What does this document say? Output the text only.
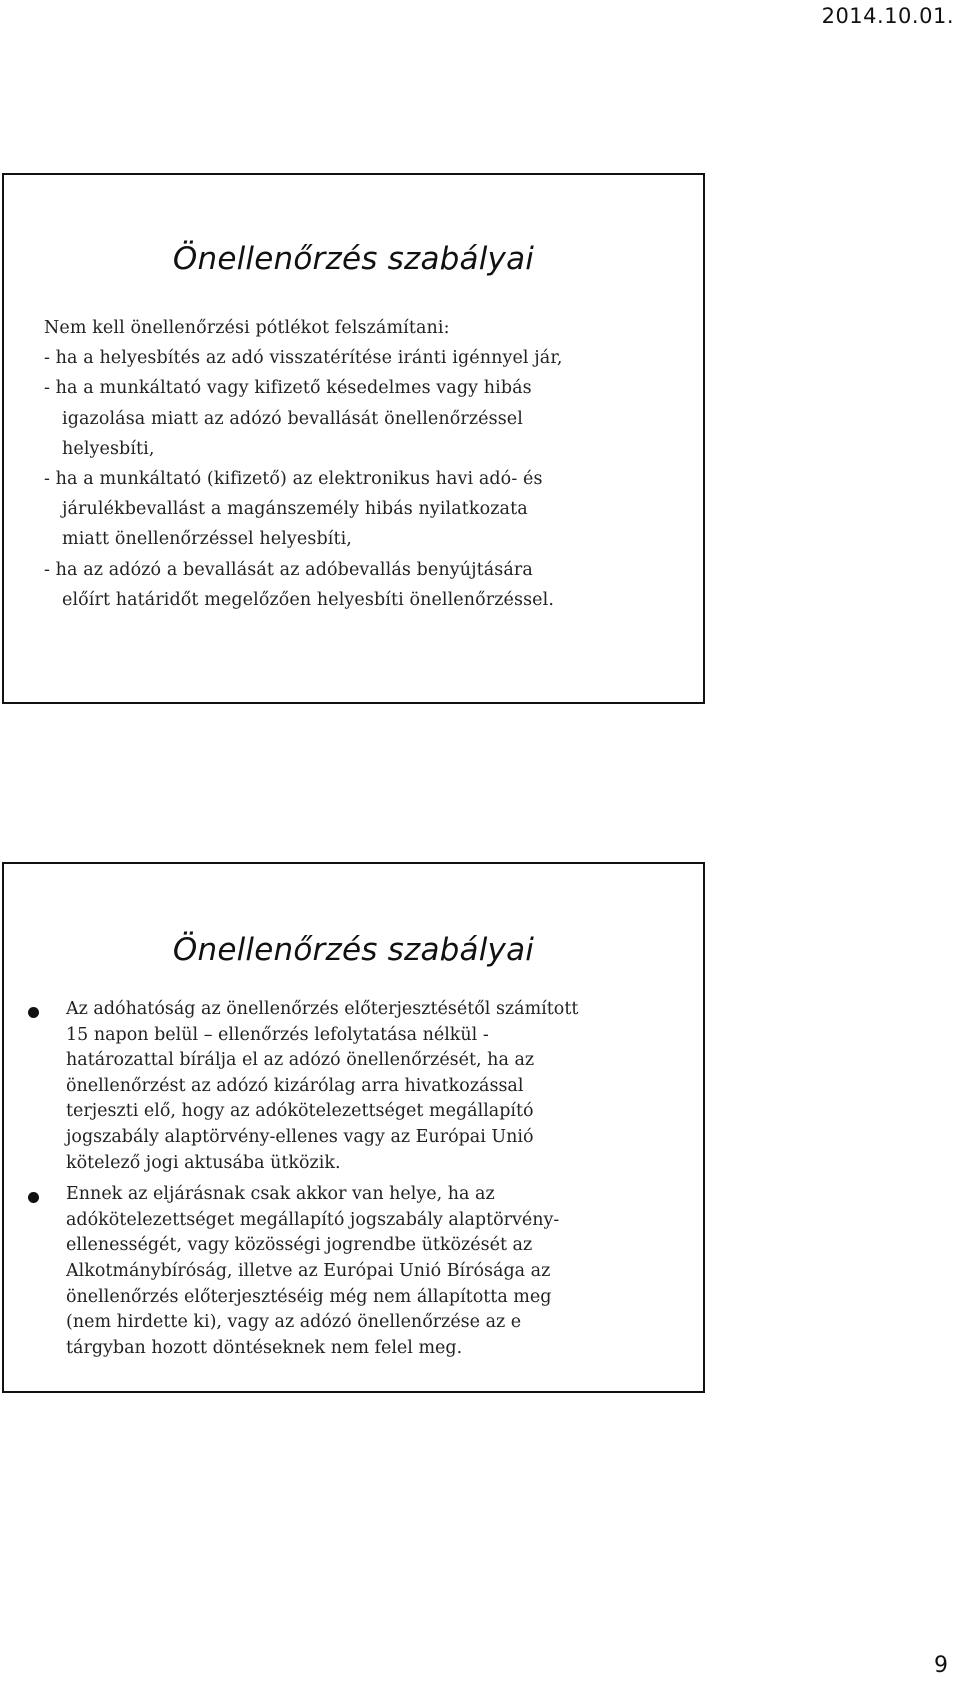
2014.10.01.
Önellenőrzés szabályai
Nem kell önellenőrzési pótlékot felszámítani:
- ha a helyesbítés az adó visszatérítése iránti igénnyel jár,
- ha a munkáltató vagy kifizető késedelmes vagy hibás
igazolása miatt az adózó bevallását önellenőrzéssel
helyesbíti,
- ha a munkáltató (kifizető) az elektronikus havi adó- és
járulékbevallást a magánszemély hibás nyilatkozata
miatt önellenőrzéssel helyesbíti,
- ha az adózó a bevallását az adóbevallás benyújtására
előírt határidőt megelőzően helyesbíti önellenőrzéssel.
Önellenőrzés szabályai
Az adóhatóság az önellenőrzés előterjesztésétől számított
15 napon belül – ellenőrzés lefolytatása nélkül -
határozattal bírálja el az adózó önellenőrzését, ha az
önellenőrzést az adózó kizárólag arra hivatkozással
terjeszti elő, hogy az adókötelezettséget megállapító
jogszabály alaptörvény-ellenes vagy az Európai Unió
kötelező jogi aktusába ütközik.
Ennek az eljárásnak csak akkor van helye, ha az
adókötelezettséget megállapító jogszabály alaptörvény-
ellenességét, vagy közösségi jogrendbe ütközését az
Alkotmánybíróság, illetve az Európai Unió Bírósága az
önellenőrzés előterjesztéséig még nem állapította meg
(nem hirdette ki), vagy az adózó önellenőrzése az e
tárgyban hozott döntéseknek nem felel meg.
9
